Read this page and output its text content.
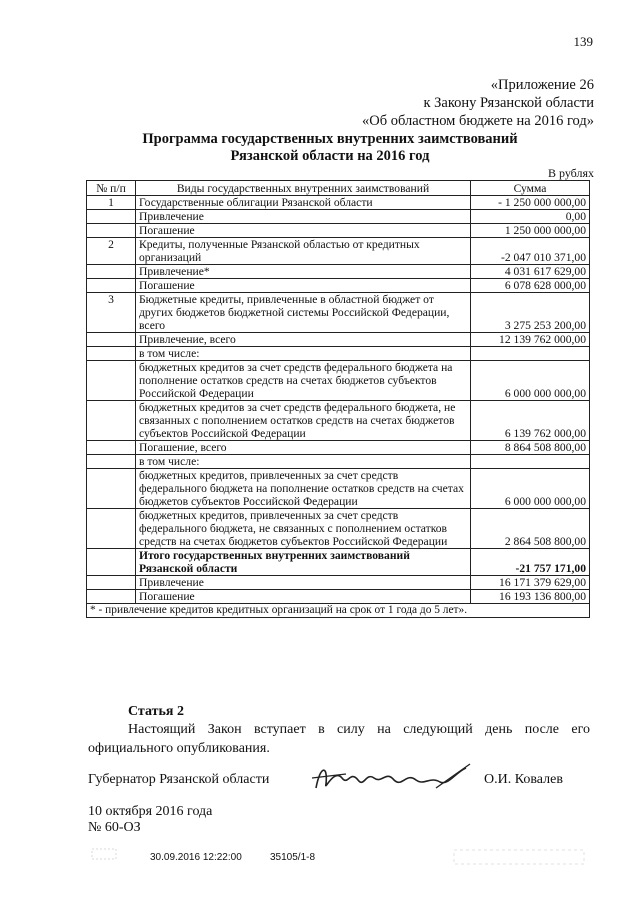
139
«Приложение 26
к Закону Рязанской области
«Об областном бюджете на 2016 год»
Программа государственных внутренних заимствований
Рязанской области на 2016 год
В рублях
№ п/п	Виды государственных внутренних заимствований	Сумма
1	Государственные облигации Рязанской области	- 1 250 000 000,00
	Привлечение	0,00
	Погашение	1 250 000 000,00
2	Кредиты, полученные Рязанской областью от кредитных организаций	-2 047 010 371,00
	Привлечение*	4 031 617 629,00
	Погашение	6 078 628 000,00
3	Бюджетные кредиты, привлеченные в областной бюджет от других бюджетов бюджетной системы Российской Федерации, всего	3 275 253 200,00
	Привлечение, всего	12 139 762 000,00
	в том числе:	
	бюджетных кредитов за счет средств федерального бюджета на пополнение остатков средств на счетах бюджетов субъектов Российской Федерации	6 000 000 000,00
	бюджетных кредитов за счет средств федерального бюджета, не связанных с пополнением остатков средств на счетах бюджетов субъектов Российской Федерации	6 139 762 000,00
	Погашение, всего	8 864 508 800,00
	в том числе:	
	бюджетных кредитов, привлеченных за счет средств федерального бюджета на пополнение остатков средств на счетах бюджетов субъектов Российской Федерации	6 000 000 000,00
	бюджетных кредитов, привлеченных за счет средств федерального бюджета, не связанных с пополнением остатков средств на счетах бюджетов субъектов Российской Федерации	2 864 508 800,00
	Итого государственных внутренних заимствований Рязанской области	-21 757 171,00
	Привлечение	16 171 379 629,00
	Погашение	16 193 136 800,00
* - привлечение кредитов кредитных организаций на срок от 1 года до 5 лет».		
Статья 2
Настоящий Закон вступает в силу на следующий день после его официального опубликования.
Губернатор Рязанской области	О.И. Ковалев
10 октября 2016 года
№ 60-ОЗ
30.09.2016 12:22:00	35105/1-8
